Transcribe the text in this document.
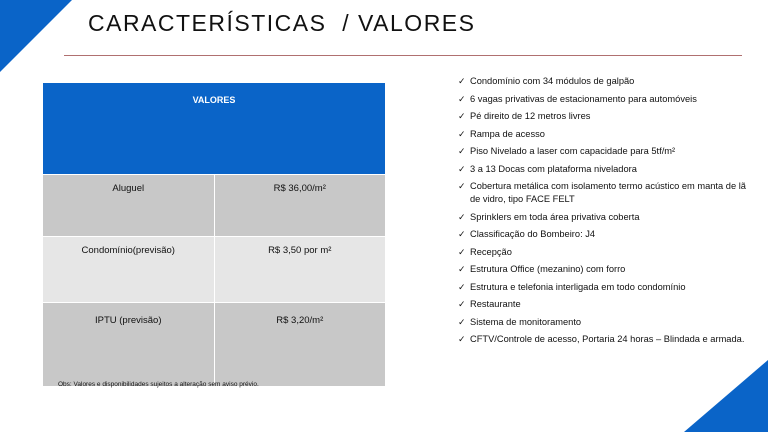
CARACTERÍSTICAS  / VALORES
VALORES	
Aluguel	R$ 36,00/m²
Condomínio(previsão)	R$ 3,50 por m²
IPTU (previsão)	R$ 3,20/m²
Obs: Valores e disponibilidades sujeitos a alteração sem aviso prévio.
✓ Condomínio com 34 módulos de galpão
✓ 6 vagas privativas de estacionamento para automóveis
✓ Pé direito de 12 metros livres
✓ Rampa de acesso
✓ Piso Nivelado a laser com capacidade para 5tf/m²
✓ 3 a 13 Docas com plataforma niveladora
✓ Cobertura metálica com isolamento termo acústico em manta de lã de vidro, tipo FACE FELT
✓ Sprinklers em toda área privativa coberta
✓ Classificação do Bombeiro: J4
✓ Recepção
✓ Estrutura Office (mezanino) com forro
✓ Estrutura e telefonia interligada em todo condomínio
✓ Restaurante
✓ Sistema de monitoramento
✓ CFTV/Controle de acesso, Portaria 24 horas – Blindada e armada.
